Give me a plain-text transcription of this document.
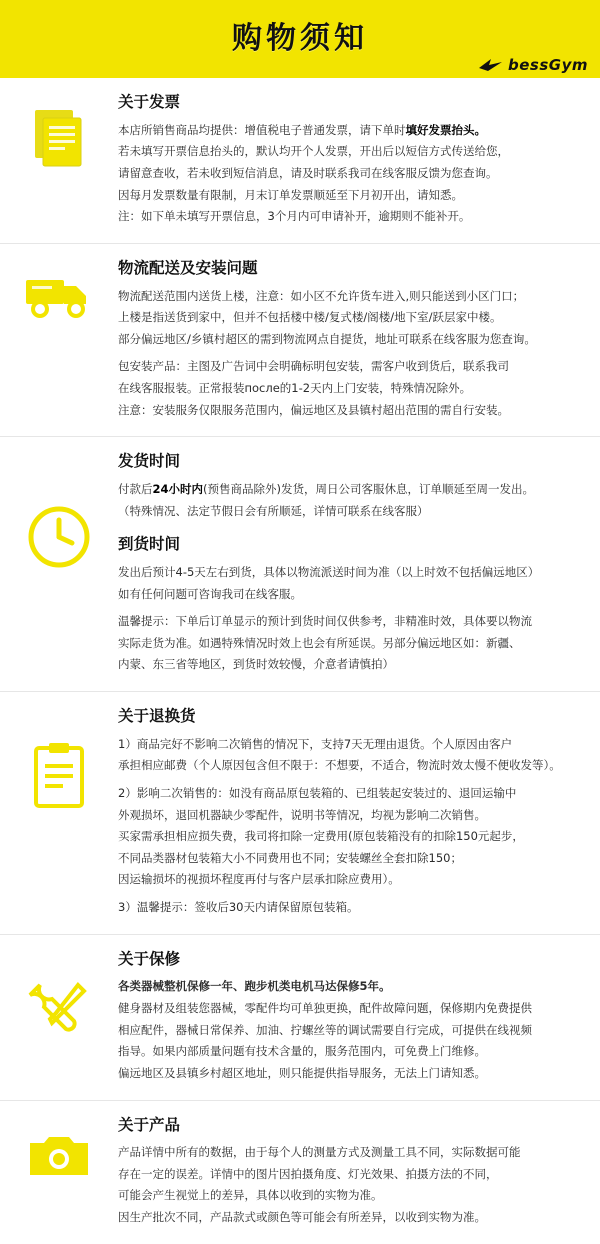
购物须知
bessGym
关于发票

本店所销售商品均提供：增值税电子普通发票，请下单时填好发票抬头。

若未填写开票信息抬头的，默认均开个人发票，开出后以短信方式传送给您，

请留意查收，若未收到短信消息，请及时联系我司在线客服反馈为您查询。

因每月发票数量有限制，月末订单发票顺延至下月初开出，请知悉。

注：如下单未填写开票信息，3个月内可申请补开，逾期则不能补开。

物流配送及安装问题

物流配送范围内送货上楼，注意：如小区不允许货车进入,则只能送到小区门口；

上楼是指送货到家中，但并不包括楼中楼/复式楼/阁楼/地下室/跃层家中楼。

部分偏远地区/乡镇村超区的需到物流网点自提货，地址可联系在线客服为您查询。

包安装产品：主图及广告词中会明确标明包安装，需客户收到货后，联系我司

在线客服报装。正常报装после的1-2天内上门安装，特殊情况除外。

注意：安装服务仅限服务范围内，偏远地区及县镇村超出范围的需自行安装。

发货时间

付款后24小时内(预售商品除外)发货，周日公司客服休息，订单顺延至周一发出。

（特殊情况、法定节假日会有所顺延，详情可联系在线客服）

到货时间

发出后预计4-5天左右到货，具体以物流派送时间为准（以上时效不包括偏远地区）

如有任何问题可咨询我司在线客服。

温馨提示：下单后订单显示的预计到货时间仅供参考，非精准时效，具体要以物流

实际走货为准。如遇特殊情况时效上也会有所延误。另部分偏远地区如：新疆、

内蒙、东三省等地区，到货时效较慢，介意者请慎拍）

关于退换货

1）商品完好不影响二次销售的情况下，支持7天无理由退货。个人原因由客户

承担相应邮费（个人原因包含但不限于：不想要，不适合，物流时效太慢不便收发等）。

2）影响二次销售的：如没有商品原包装箱的、已组装起安装过的、退回运输中

外观损坏，退回机器缺少零配件，说明书等情况，均视为影响二次销售。

买家需承担相应损失费，我司将扣除一定费用(原包装箱没有的扣除150元起步，

不同品类器材包装箱大小不同费用也不同；安装螺丝全套扣除150；

因运输损坏的视损坏程度再付与客户层承扣除应费用）。

3）温馨提示：签收后30天内请保留原包装箱。

关于保修

各类器械整机保修一年、跑步机类电机马达保修5年。

健身器材及组装您器械，零配件均可单独更换，配件故障问题，保修期内免费提供

相应配件，器械日常保养、加油、拧螺丝等的调试需要自行完成，可提供在线视频

指导。如果内部质量问题有技术含量的，服务范围内，可免费上门维修。

偏远地区及县镇乡村超区地址，则只能提供指导服务，无法上门请知悉。

关于产品

产品详情中所有的数据，由于每个人的测量方式及测量工具不同，实际数据可能

存在一定的误差。详情中的图片因拍摄角度、灯光效果、拍摄方法的不同，

可能会产生视觉上的差异，具体以收到的实物为准。

因生产批次不同，产品款式或颜色等可能会有所差异，以收到实物为准。
